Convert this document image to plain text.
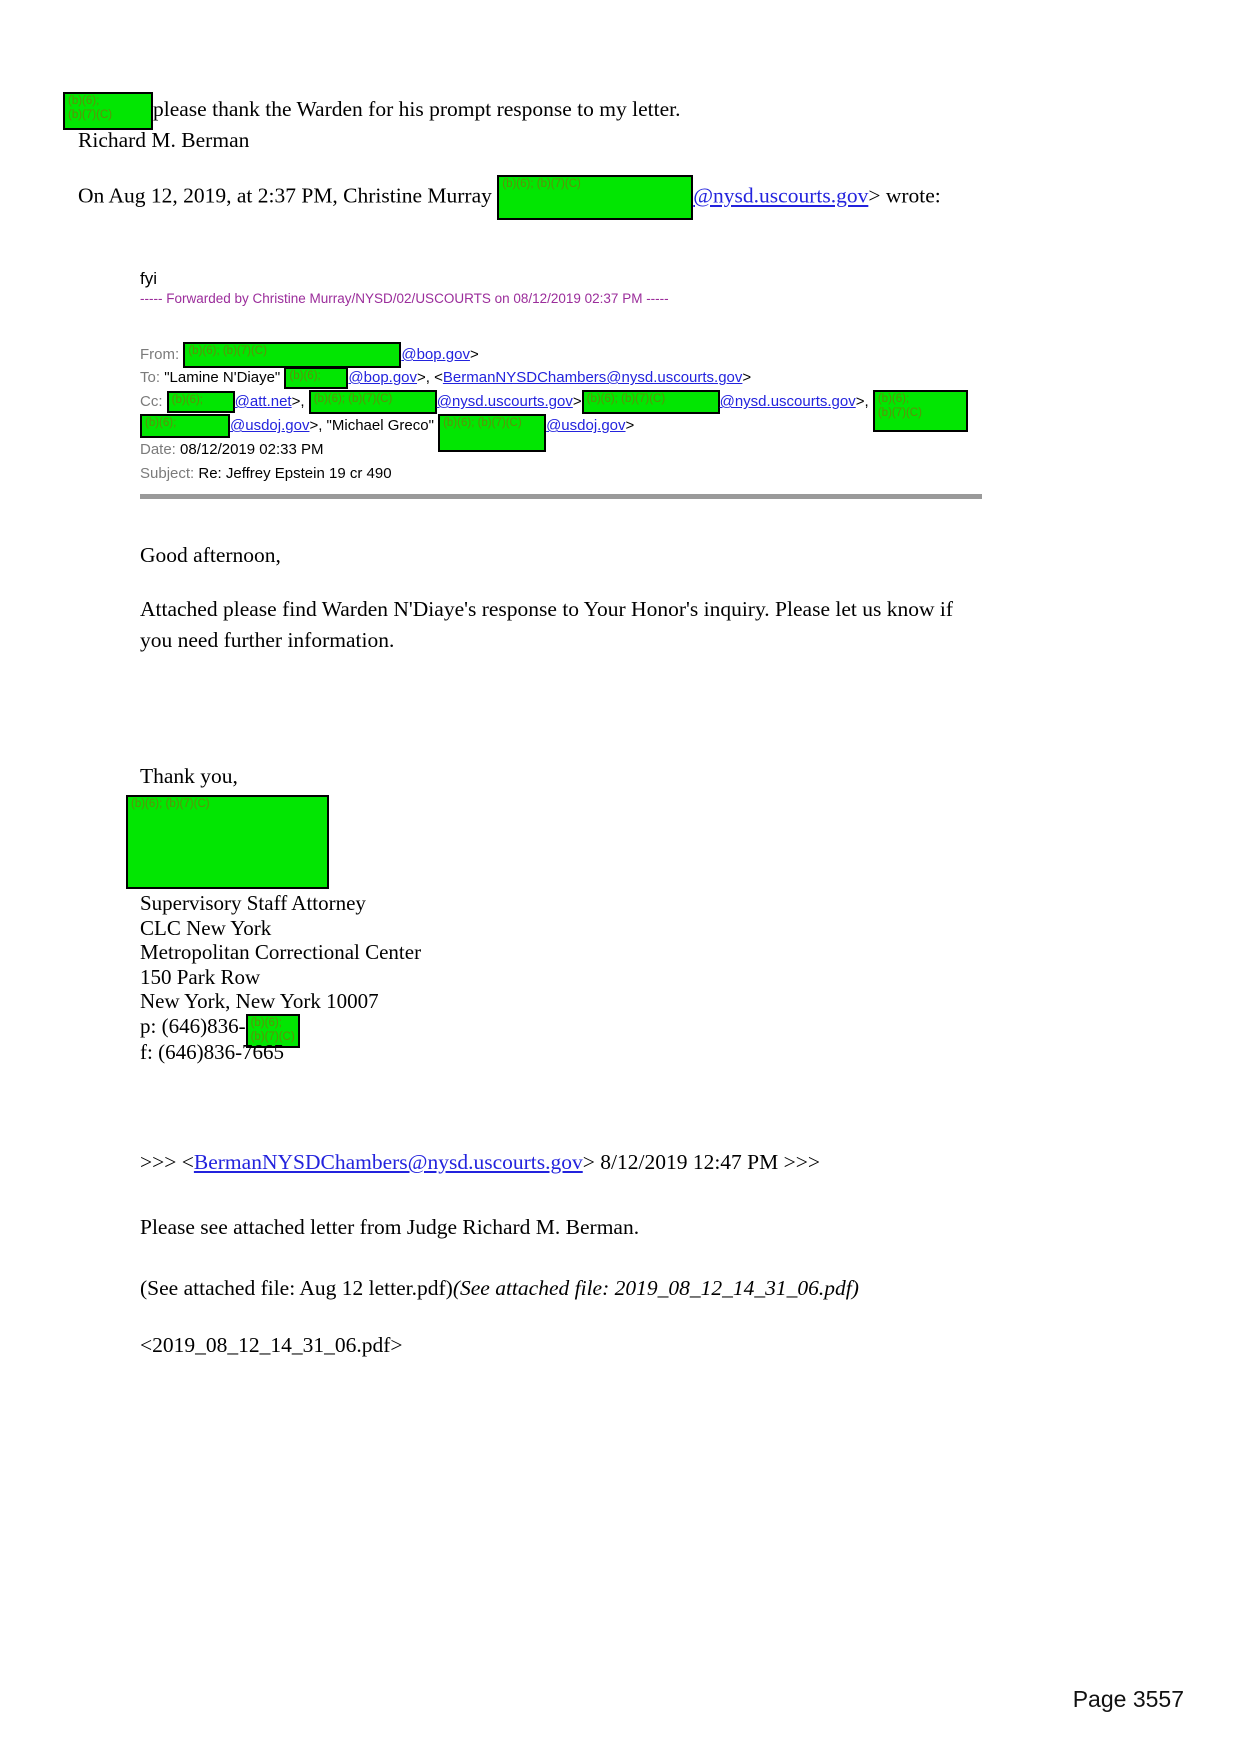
(b)(6);
(b)(7)(C)	please thank the Warden for his prompt response to my letter.
Richard M. Berman
On Aug 12, 2019, at 2:37 PM, Christine Murray (b)(6); (b)(7)(C)	@nysd.uscourts.gov> wrote:
fyi
----- Forwarded by Christine Murray/NYSD/02/USCOURTS on 08/12/2019 02:37 PM -----
From: (b)(6); (b)(7)(C)	@bop.gov>
To: "Lamine N'Diaye" (b)(6);	@bop.gov>, <BermanNYSDChambers@nysd.uscourts.gov>
Cc: (b)(6);	@att.net>, (b)(6); (b)(7)(C)	@nysd.uscourts.gov> (b)(6); (b)(7)(C)	@nysd.uscourts.gov>, (b)(6);
(b)(7)(C)
(b)(6);	@usdoj.gov>, "Michael Greco" (b)(6); (b)(7)(C)	@usdoj.gov>
Date: 08/12/2019 02:33 PM
Subject: Re: Jeffrey Epstein 19 cr 490
Good afternoon,
Attached please find Warden N'Diaye's response to Your Honor's inquiry. Please let us know if you need further information.
Thank you,
(b)(6); (b)(7)(C)
Supervisory Staff Attorney
CLC New York
Metropolitan Correctional Center
150 Park Row
New York, New York 10007
p: (646)836- (b)(6);
(b)(7)(C)
f: (646)836-7665
>>> <BermanNYSDChambers@nysd.uscourts.gov> 8/12/2019 12:47 PM >>>
Please see attached letter from Judge Richard M. Berman.
(See attached file: Aug 12 letter.pdf)(See attached file: 2019_08_12_14_31_06.pdf)
<2019_08_12_14_31_06.pdf>
Page 3557
